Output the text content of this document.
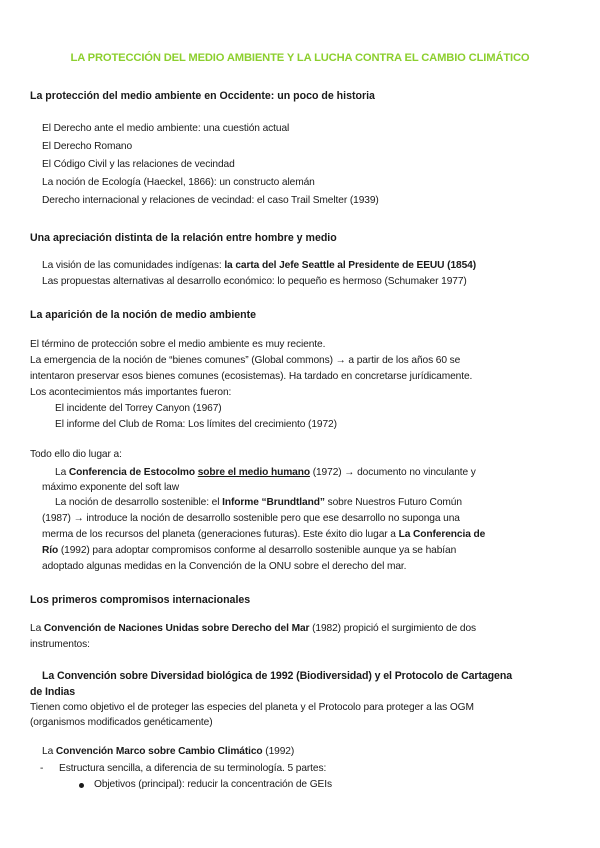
LA PROTECCIÓN DEL MEDIO AMBIENTE Y LA LUCHA CONTRA EL CAMBIO CLIMÁTICO
La protección del medio ambiente en Occidente: un poco de historia
El Derecho ante el medio ambiente: una cuestión actual
El Derecho Romano
El Código Civil y las relaciones de vecindad
La noción de Ecología (Haeckel, 1866): un constructo alemán
Derecho internacional y relaciones de vecindad: el caso Trail Smelter (1939)
Una apreciación distinta de la relación entre hombre y medio
La visión de las comunidades indígenas: la carta del Jefe Seattle al Presidente de EEUU (1854)
Las propuestas alternativas al desarrollo económico: lo pequeño es hermoso (Schumaker 1977)
La aparición de la noción de medio ambiente
El término de protección sobre el medio ambiente es muy reciente.
La emergencia de la noción de “bienes comunes” (Global commons) → a partir de los años 60 se
intentaron preservar esos bienes comunes (ecosistemas). Ha tardado en concretarse jurídicamente.
Los acontecimientos más importantes fueron:
El incidente del Torrey Canyon (1967)
El informe del Club de Roma: Los límites del crecimiento (1972)
Todo ello dio lugar a:
La Conferencia de Estocolmo sobre el medio humano (1972) → documento no vinculante y
máximo exponente del soft law
La noción de desarrollo sostenible: el Informe “Brundtland” sobre Nuestros Futuro Común
(1987) → introduce la noción de desarrollo sostenible pero que ese desarrollo no suponga una
merma de los recursos del planeta (generaciones futuras). Este éxito dio lugar a La Conferencia de
Río (1992) para adoptar compromisos conforme al desarrollo sostenible aunque ya se habían
adoptado algunas medidas en la Convención de la ONU sobre el derecho del mar.
Los primeros compromisos internacionales
La Convención de Naciones Unidas sobre Derecho del Mar (1982) propició el surgimiento de dos
instrumentos:
La Convención sobre Diversidad biológica de 1992 (Biodiversidad) y el Protocolo de Cartagena
de Indias
Tienen como objetivo el de proteger las especies del planeta y el Protocolo para proteger a las OGM
(organismos modificados genéticamente)
La Convención Marco sobre Cambio Climático (1992)
- Estructura sencilla, a diferencia de su terminología. 5 partes:
Objetivos (principal): reducir la concentración de GEIs
